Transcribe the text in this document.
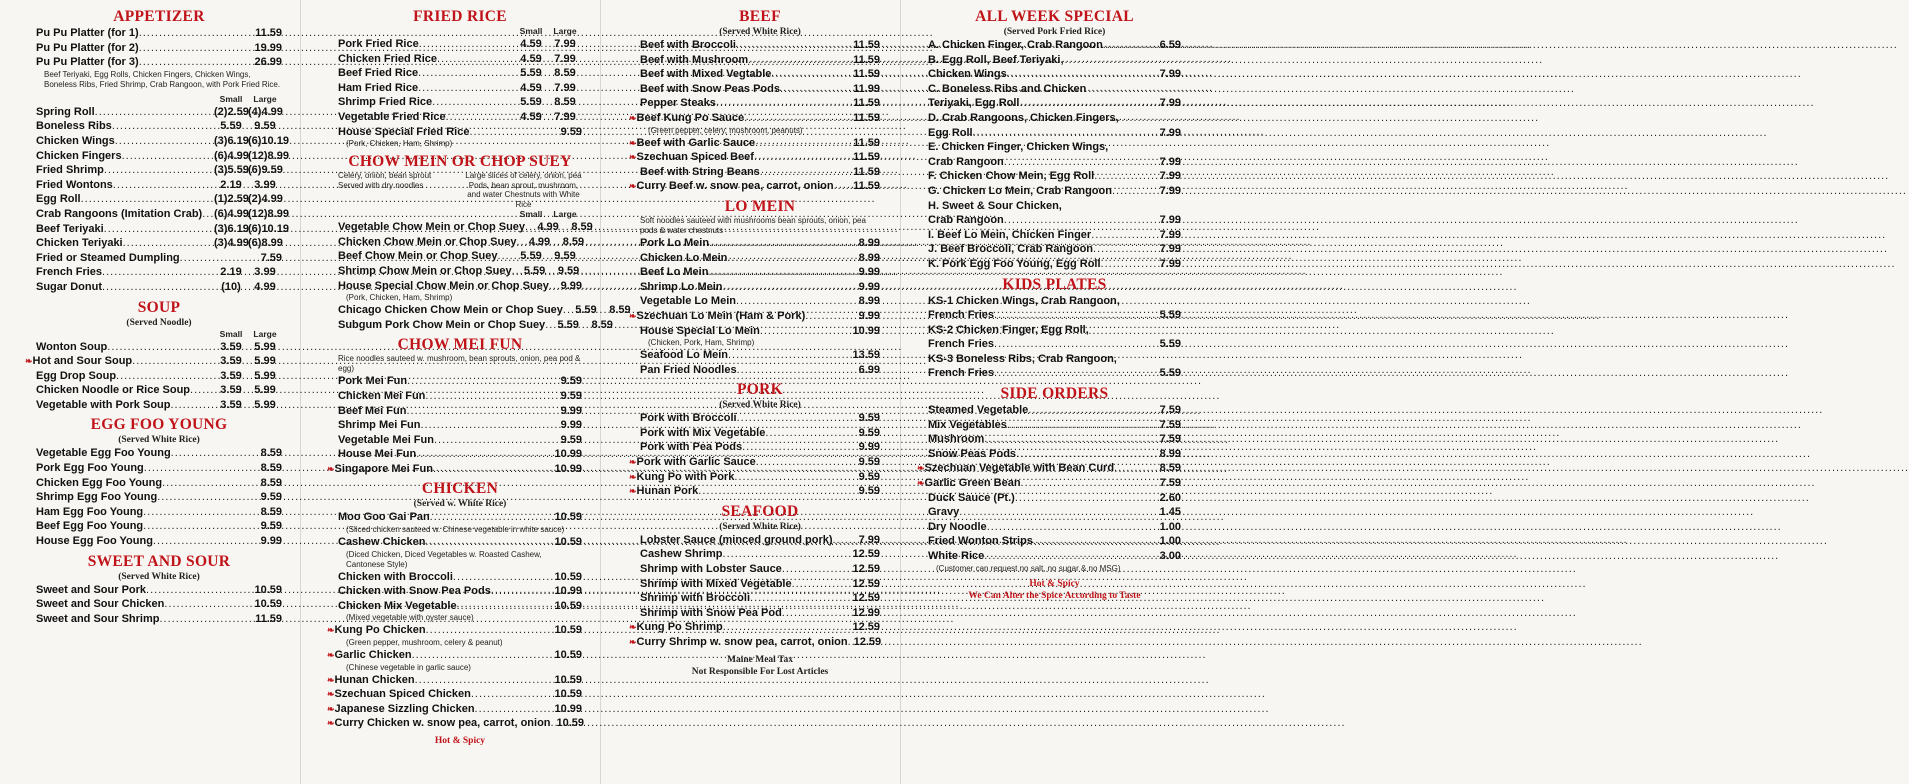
APPETIZER
Pu Pu Platter (for 1) .....	11.59
Pu Pu Platter (for 2) .....	19.99
Pu Pu Platter (for 3) .....	26.99
Beef Teriyaki, Egg Rolls, Chicken Fingers, Chicken Wings, Boneless Ribs, Fried Shrimp, Crab Rangoon, with Pork Fried Rice.
Small	Large
Spring Roll .....	(2)2.59 (4)4.99
Boneless Ribs .....	5.59	9.59
Chicken Wings .....	(3)6.19 (6)10.19
Chicken Fingers .....	(6)4.99 (12)8.99
Fried Shrimp .....	(3)5.59 (6)9.59
Fried Wontons .....	2.19	3.99
Egg Roll .....	(1)2.59 (2)4.99
Crab Rangoons (Imitation Crab) ..... (6)4.99 (12)8.99
Beef Teriyaki .....	(3)6.19 (6)10.19
Chicken Teriyaki .....	(3)4.99 (6)8.99
Fried or Steamed Dumpling .....	7.59
French Fries .....	2.19	3.99
Sugar Donut .....	(10)	4.99
SOUP
(Served Noodle)
Small	Large
Wonton Soup .....	3.59	5.99
❧ Hot and Sour Soup .....	3.59	5.99
Egg Drop Soup .....	3.59	5.99
Chicken Noodle or Rice Soup .....	3.59	5.99
Vegetable with Pork Soup .....	3.59	5.99
EGG FOO YOUNG
(Served White Rice)
Vegetable Egg Foo Young .....	8.59
Pork Egg Foo Young .....	8.59
Chicken Egg Foo Young .....	8.59
Shrimp Egg Foo Young .....	9.59
Ham Egg Foo Young .....	8.59
Beef Egg Foo Young .....	9.59
House Egg Foo Young .....	9.99
SWEET AND SOUR
(Served White Rice)
Sweet and Sour Pork .....	10.59
Sweet and Sour Chicken .....	10.59
Sweet and Sour Shrimp .....	11.59
FRIED RICE
Small	Large
Pork Fried Rice .....	4.59	7.99
Chicken Fried Rice .....	4.59	7.99
Beef Fried Rice .....	5.59	8.59
Ham Fried Rice .....	4.59	7.99
Shrimp Fried Rice .....	5.59	8.59
Vegetable Fried Rice .....	4.59	7.99
House Special Fried Rice .....	9.59
(Pork, Chicken, Ham, Shrimp)
CHOW MEIN OR CHOP SUEY
Celery, onion, bean sprout Served with dry noodles
Large slices of celery, onion, pea Pods, bean sprout, mushroom, and water Chestnuts with White Rice
Small	Large
Vegetable Chow Mein or Chop Suey .....	4.99	8.59
Chicken Chow Mein or Chop Suey .....	4.99	8.59
Beef Chow Mein or Chop Suey .....	5.59	9.59
Shrimp Chow Mein or Chop Suey .....	5.59	9.59
House Special Chow Mein or Chop Suey ..... 9.99
(Pork, Chicken, Ham, Shrimp)
Chicago Chicken Chow Mein or Chop Suey .....	5.59	8.59
Subgum Pork Chow Mein or Chop Suey .....	5.59	8.59
CHOW MEI FUN
Rice noodles sauteed w. mushroom, bean sprouts, onion, pea pod & egg)
Pork Mei Fun .....	9.59
Chicken Mei Fun .....	9.59
Beef Mei Fun .....	9.99
Shrimp Mei Fun .....	9.99
Vegetable Mei Fun .....	9.59
House Mei Fun .....	10.99
❧ Singapore Mei Fun .....	10.99
CHICKEN
(Served w. White Rice)
Moo Goo Gai Pan .....	10.59
(Sliced chicken sauteed w. Chinese vegetable in white sauce)
Cashew Chicken .....	10.59
(Diced Chicken, Diced Vegetables w. Roasted Cashew, Cantonese Style)
Chicken with Broccoli .....	10.59
Chicken with Snow Pea Pods .....	10.99
Chicken Mix Vegetable .....	10.59
(Mixed vegetable with oyster sauce)
❧ Kung Po Chicken .....	10.59
(Green pepper, mushroom, celery & peanut)
❧ Garlic Chicken .....	10.59
(Chinese vegetable in garlic sauce)
❧ Hunan Chicken .....	10.59
❧ Szechuan Spiced Chicken .....	10.59
❧ Japanese Sizzling Chicken .....	10.99
❧ Curry Chicken w. snow pea, carrot, onion ..... 10.59
Hot & Spicy
BEEF
(Served White Rice)
Beef with Broccoli .....	11.59
Beef with Mushroom .....	11.59
Beef with Mixed Vegtable .....	11.59
Beef with Snow Peas Pods .....	11.99
Pepper Steaks .....	11.59
❧ Beef Kung Po Sauce .....	11.59
(Green pepper, celery, mushroom, peanuts)
❧ Beef with Garlic Sauce .....	11.59
❧ Szechuan Spiced Beef .....	11.59
Beef with String Beans .....	11.59
❧ Curry Beef w. snow pea, carrot, onion ..... 11.59
LO MEIN
Soft noodles sauteed with mushrooms bean sprouts, onion, pea pods & water chestnuts
Pork Lo Mein .....	8.99
Chicken Lo Mein .....	8.99
Beef Lo Mein .....	9.99
Shrimp Lo Mein .....	9.99
Vegetable Lo Mein .....	8.99
❧ Szechuan Lo Mein (Ham & Pork) .....	9.99
House Special Lo Mein .....	10.99
(Chicken, Pork, Ham, Shrimp)
Seafood Lo Mein .....	13.59
Pan Fried Noodles .....	6.99
PORK
(Served White Rice)
Pork with Broccoli .....	9.59
Pork with Mix Vegetable .....	9.59
Pork with Pea Pods .....	9.99
❧ Pork with Garlic Sauce .....	9.59
❧ Kung Po with Pork .....	9.59
❧ Hunan Pork .....	9.59
SEAFOOD
(Served White Rice)
Lobster Sauce (minced ground pork) ..... 7.99
Cashew Shrimp .....	12.59
Shrimp with Lobster Sauce .....	12.59
Shrimp with Mixed Vegetable .....	12.59
Shrimp with Broccoli .....	12.59
Shrimp with Snow Pea Pod .....	12.99
❧ Kung Po Shrimp .....	12.59
❧ Curry Shrimp w. snow pea, carrot, onion ..... 12.59
Maine Meal Tax
Not Responsible For Lost Articles
ALL WEEK SPECIAL
(Served Pork Fried Rice)
A. Chicken Finger, Crab Rangoon .....	6.59
B. Egg Roll, Beef Teriyaki,
Chicken Wings .....	7.99
C. Boneless Ribs and Chicken
Teriyaki, Egg Roll .....	7.99
D. Crab Rangoons, Chicken Fingers,
Egg Roll .....	7.99
E. Chicken Finger, Chicken Wings,
Crab Rangoon .....	7.99
F. Chicken Chow Mein, Egg Roll .....	7.99
G. Chicken Lo Mein, Crab Rangoon .....	7.99
H. Sweet & Sour Chicken,
Crab Rangoon .....	7.99
I. Beef Lo Mein, Chicken Finger .....	7.99
J. Beef Broccoli, Crab Rangoon .....	7.99
K. Pork Egg Foo Young, Egg Roll .....	7.99
KIDS PLATES
KS-1 Chicken Wings, Crab Rangoon,
French Fries .....	5.59
KS-2 Chicken Finger, Egg Roll,
French Fries .....	5.59
KS-3 Boneless Ribs, Crab Rangoon,
French Fries .....	5.59
SIDE ORDERS
Steamed Vegetable .....	7.59
Mix Vegetables .....	7.59
Mushroom .....	7.59
Snow Peas Pods .....	8.99
❧ Szechuan Vegetable with Bean Curd .....	8.59
❧ Garlic Green Bean .....	7.59
Duck Sauce (Pt.) .....	2.60
Gravy .....	1.45
Dry Noodle .....	1.00
Fried Wonton Strips .....	1.00
White Rice .....	3.00
(Customer can request no salt, no sugar & no MSG)
Hot & Spicy
We Can Alter the Spice According to Taste
